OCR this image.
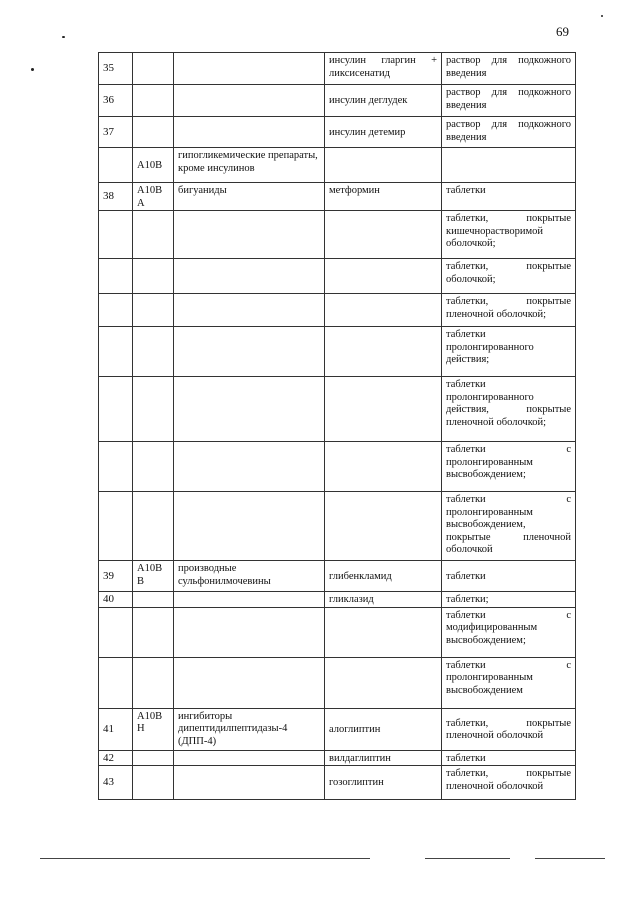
69
35			инсулин гларгин + ликсисенатид	раствор для подкожного введения
36			инсулин деглудек	раствор для подкожного введения
37			инсулин детемир	раствор для подкожного введения
	A10B	гипогликемические препараты, кроме инсулинов		
38	A10B A	бигуаниды	метформин	таблетки
				таблетки, покрытые кишечнорастворимой оболочкой;
				таблетки, покрытые оболочкой;
				таблетки, покрытые пленочной оболочкой;
				таблетки пролонгированного действия;
				таблетки пролонгированного действия, покрытые пленочной оболочкой;
				таблетки с пролонгированным высвобождением;
				таблетки с пролонгированным высвобождением, покрытые пленочной оболочкой
39	A10B B	производные сульфонилмочевины	глибенкламид	таблетки
40			гликлазид	таблетки;
				таблетки с модифицированным высвобождением;
				таблетки с пролонгированным высвобождением
41	A10B H	ингибиторы дипептидилпептидазы-4 (ДПП-4)	алоглиптин	таблетки, покрытые пленочной оболочкой
42			вилдаглиптин	таблетки
43			гозоглиптин	таблетки, покрытые пленочной оболочкой
